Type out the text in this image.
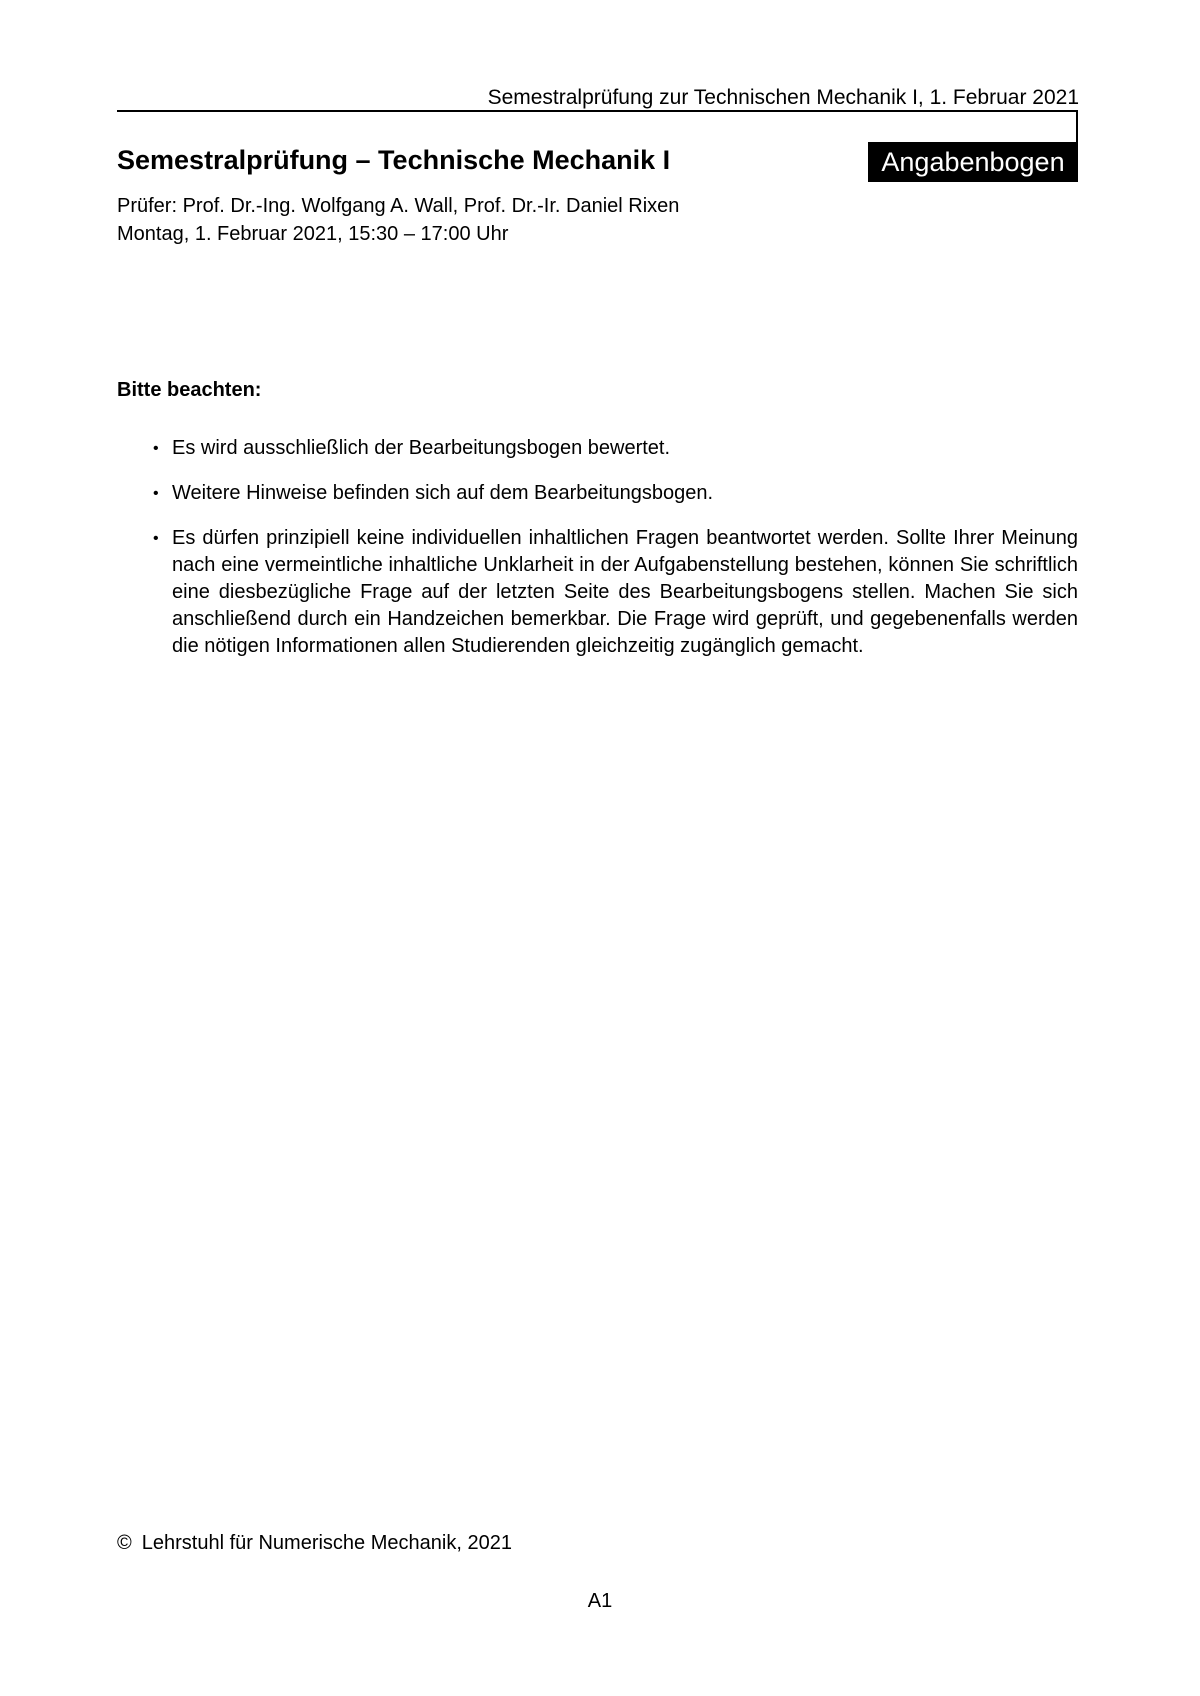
Semestralprüfung zur Technischen Mechanik I, 1. Februar 2021
Semestralprüfung – Technische Mechanik I	Angabenbogen
Prüfer: Prof. Dr.-Ing. Wolfgang A. Wall, Prof. Dr.-Ir. Daniel Rixen
Montag, 1. Februar 2021, 15:30 – 17:00 Uhr
Bitte beachten:
• Es wird ausschließlich der Bearbeitungsbogen bewertet.
• Weitere Hinweise befinden sich auf dem Bearbeitungsbogen.
• Es dürfen prinzipiell keine individuellen inhaltlichen Fragen beantwortet werden. Sollte Ihrer Meinung nach eine vermeintliche inhaltliche Unklarheit in der Aufgabenstellung bestehen, können Sie schriftlich eine diesbezügliche Frage auf der letzten Seite des Bearbeitungsbogens stellen. Machen Sie sich anschließend durch ein Handzeichen bemerkbar. Die Frage wird geprüft, und gegebenenfalls werden die nötigen Informationen allen Studierenden gleichzeitig zugänglich gemacht.
© Lehrstuhl für Numerische Mechanik, 2021
A1
